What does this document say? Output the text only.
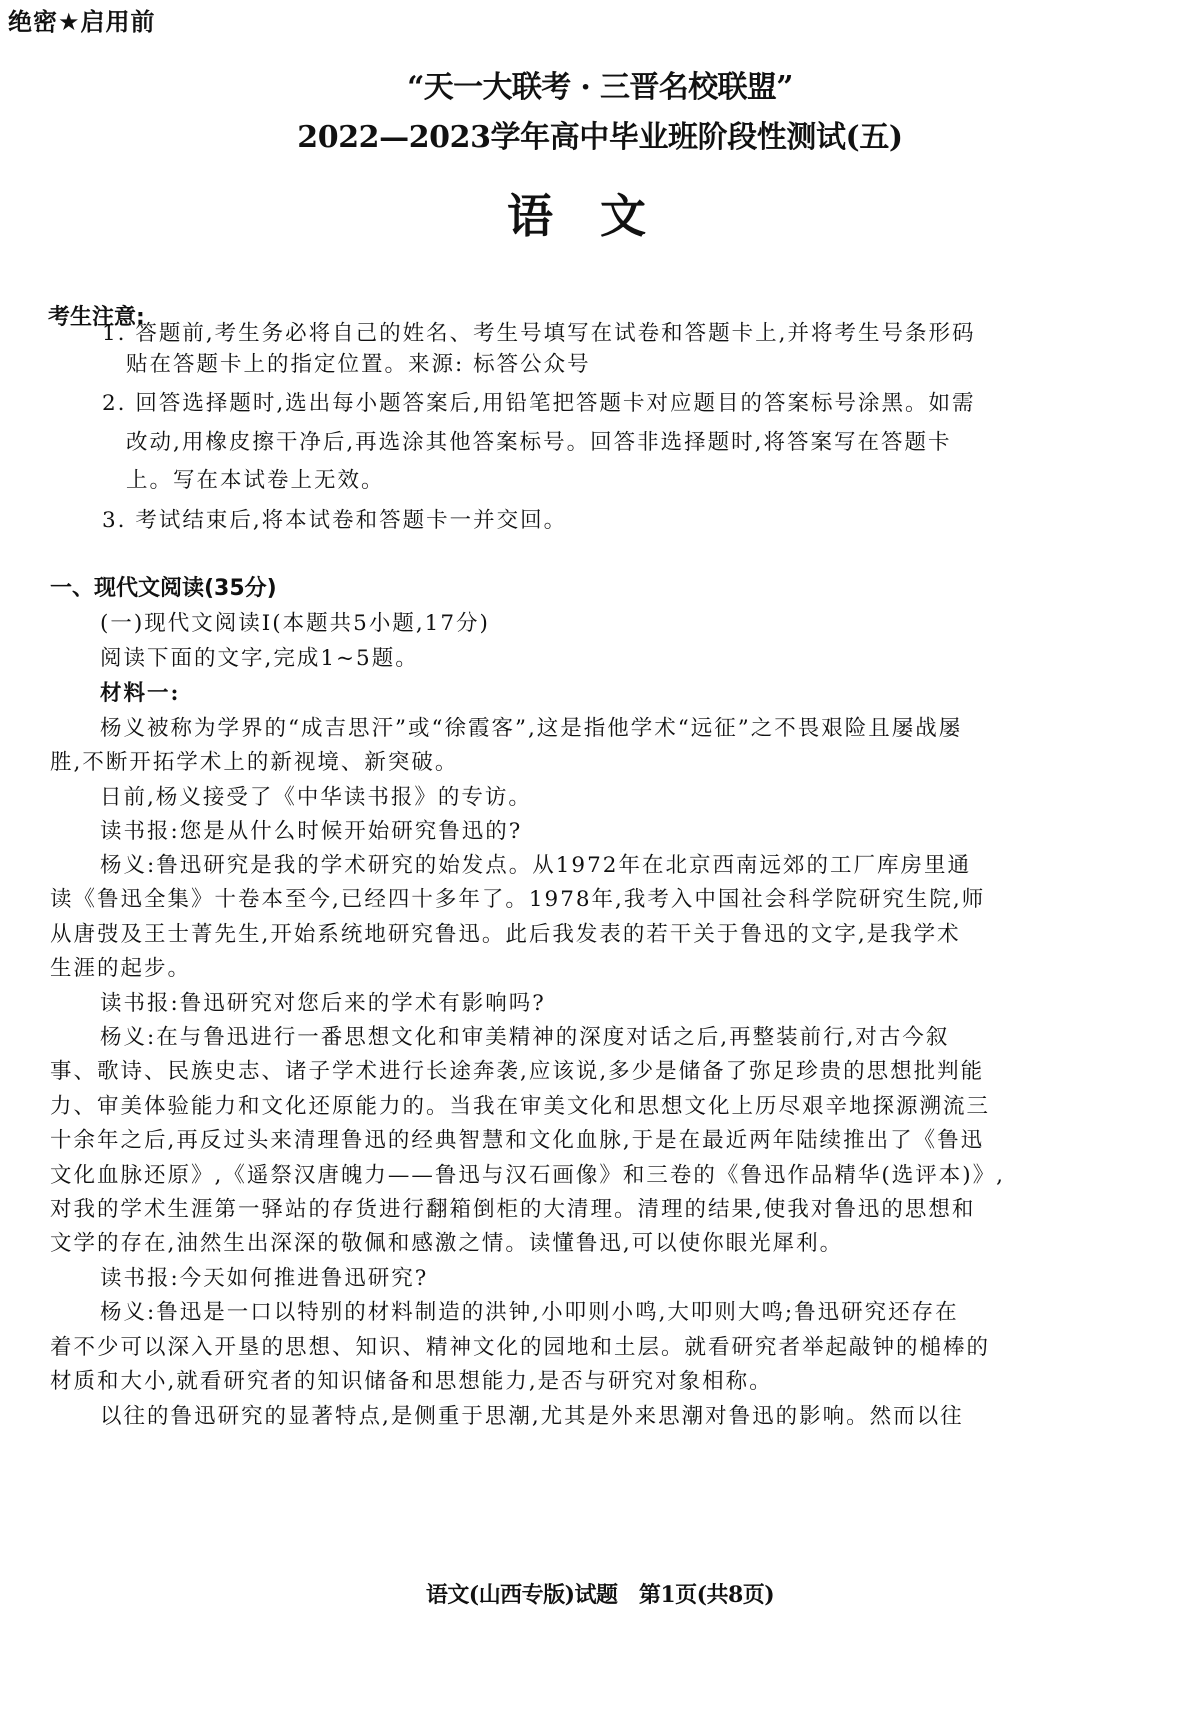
绝密★启用前
“天一大联考 · 三晋名校联盟”
2022—2023学年高中毕业班阶段性测试(五)
语文
考生注意:
1. 答题前,考生务必将自己的姓名、考生号填写在试卷和答题卡上,并将考生号条形码
贴在答题卡上的指定位置。来源: 标答公众号
2. 回答选择题时,选出每小题答案后,用铅笔把答题卡对应题目的答案标号涂黑。如需
改动,用橡皮擦干净后,再选涂其他答案标号。回答非选择题时,将答案写在答题卡
上。写在本试卷上无效。
3. 考试结束后,将本试卷和答题卡一并交回。
一、现代文阅读(35分)
(一)现代文阅读Ⅰ(本题共5小题,17分)
阅读下面的文字,完成1~5题。
材料一:
杨义被称为学界的“成吉思汗”或“徐霞客”,这是指他学术“远征”之不畏艰险且屡战屡
胜,不断开拓学术上的新视境、新突破。
日前,杨义接受了《中华读书报》的专访。
读书报:您是从什么时候开始研究鲁迅的?
杨义:鲁迅研究是我的学术研究的始发点。从1972年在北京西南远郊的工厂库房里通
读《鲁迅全集》十卷本至今,已经四十多年了。1978年,我考入中国社会科学院研究生院,师
从唐弢及王士菁先生,开始系统地研究鲁迅。此后我发表的若干关于鲁迅的文字,是我学术
生涯的起步。
读书报:鲁迅研究对您后来的学术有影响吗?
杨义:在与鲁迅进行一番思想文化和审美精神的深度对话之后,再整装前行,对古今叙
事、歌诗、民族史志、诸子学术进行长途奔袭,应该说,多少是储备了弥足珍贵的思想批判能
力、审美体验能力和文化还原能力的。当我在审美文化和思想文化上历尽艰辛地探源溯流三
十余年之后,再反过头来清理鲁迅的经典智慧和文化血脉,于是在最近两年陆续推出了《鲁迅
文化血脉还原》,《遥祭汉唐魄力——鲁迅与汉石画像》和三卷的《鲁迅作品精华(选评本)》,
对我的学术生涯第一驿站的存货进行翻箱倒柜的大清理。清理的结果,使我对鲁迅的思想和
文学的存在,油然生出深深的敬佩和感激之情。读懂鲁迅,可以使你眼光犀利。
读书报:今天如何推进鲁迅研究?
杨义:鲁迅是一口以特别的材料制造的洪钟,小叩则小鸣,大叩则大鸣;鲁迅研究还存在
着不少可以深入开垦的思想、知识、精神文化的园地和土层。就看研究者举起敲钟的槌棒的
材质和大小,就看研究者的知识储备和思想能力,是否与研究对象相称。
以往的鲁迅研究的显著特点,是侧重于思潮,尤其是外来思潮对鲁迅的影响。然而以往
语文(山西专版)试题　第1页(共8页)
